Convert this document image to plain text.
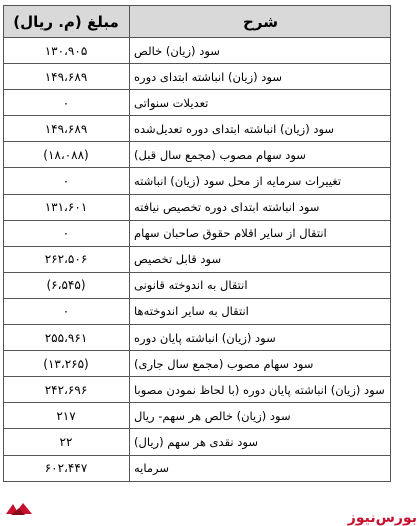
مبلغ (م. ریال)	شرح
۱۳۰،۹۰۵	سود (زیان) خالص
۱۴۹،۶۸۹	سود (زیان) انباشته ابتدای دوره
۰	تعدیلات سنواتی
۱۴۹،۶۸۹	سود (زیان) انباشته ابتدای دوره تعدیل‌شده
(۱۸،۰۸۸)	سود سهام مصوب (مجمع سال قبل)
۰	تغییرات سرمایه از محل سود (زیان) انباشته
۱۳۱،۶۰۱	سود انباشته ابتدای دوره تخصیص نیافته
۰	انتقال از سایر اقلام حقوق صاحبان سهام
۲۶۲،۵۰۶	سود قابل تخصیص
(۶،۵۴۵)	انتقال به اندوخته قانونی
۰	انتقال به سایر اندوخته‌ها
۲۵۵،۹۶۱	سود (زیان) انباشته پایان دوره
(۱۳،۲۶۵)	سود سهام مصوب (مجمع سال جاری)
۲۴۲،۶۹۶	سود (زیان) انباشته پایان دوره (با لحاظ نمودن مصوبا
۲۱۷	سود (زیان) خالص هر سهم- ریال
۲۲	سود نقدی هر سهم (ریال)
۶۰۲،۴۴۷	سرمایه
بورس‌نیوز
